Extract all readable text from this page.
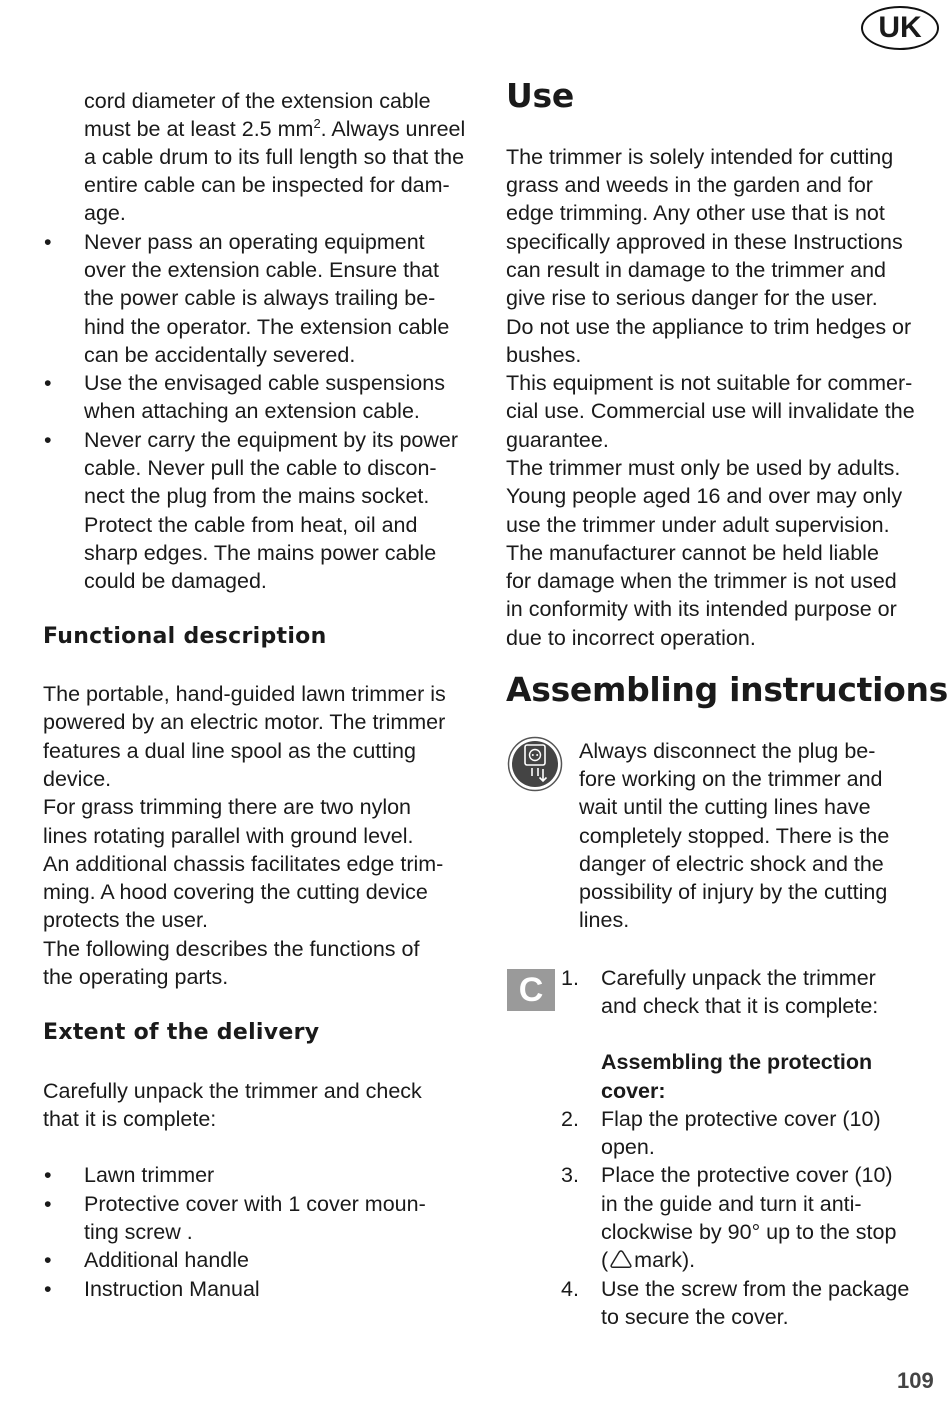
UK
cord diameter of the extension cable
must be at least 2.5 $mm^2$. Always unreel
a cable drum to its full length so that the
entire cable can be inspected for dam-
age.
• Never pass an operating equipment
over the extension cable. Ensure that
the power cable is always trailing be-
hind the operator. The extension cable
can be accidentally severed.
• Use the envisaged cable suspensions
when attaching an extension cable.
• Never carry the equipment by its power
cable. Never pull the cable to discon-
nect the plug from the mains socket.
Protect the cable from heat, oil and
sharp edges. The mains power cable
could be damaged.
Functional description
The portable, hand-guided lawn trimmer is
powered by an electric motor. The trimmer
features a dual line spool as the cutting
device.
For grass trimming there are two nylon
lines rotating parallel with ground level.
An additional chassis facilitates edge trim-
ming. A hood covering the cutting device
protects the user.
The following describes the functions of
the operating parts.
Extent of the delivery
Carefully unpack the trimmer and check
that it is complete:
• Lawn trimmer
• Protective cover with 1 cover moun-
ting screw .
• Additional handle
• Instruction Manual
Use
The trimmer is solely intended for cutting
grass and weeds in the garden and for
edge trimming. Any other use that is not
specifically approved in these Instructions
can result in damage to the trimmer and
give rise to serious danger for the user.
Do not use the appliance to trim hedges or
bushes.
This equipment is not suitable for commer-
cial use. Commercial use will invalidate the
guarantee.
The trimmer must only be used by adults.
Young people aged 16 and over may only
use the trimmer under adult supervision.
The manufacturer cannot be held liable
for damage when the trimmer is not used
in conformity with its intended purpose or
due to incorrect operation.
Assembling instructions
Always disconnect the plug be-
fore working on the trimmer and
wait until the cutting lines have
completely stopped. There is the
danger of electric shock and the
possibility of injury by the cutting
lines.
C 1. Carefully unpack the trimmer
and check that it is complete:
Assembling the protection
cover:
2. Flap the protective cover (10)
open.
3. Place the protective cover (10)
in the guide and turn it anti-
clockwise by 90° up to the stop
( mark).
4. Use the screw from the package
to secure the cover.
109
